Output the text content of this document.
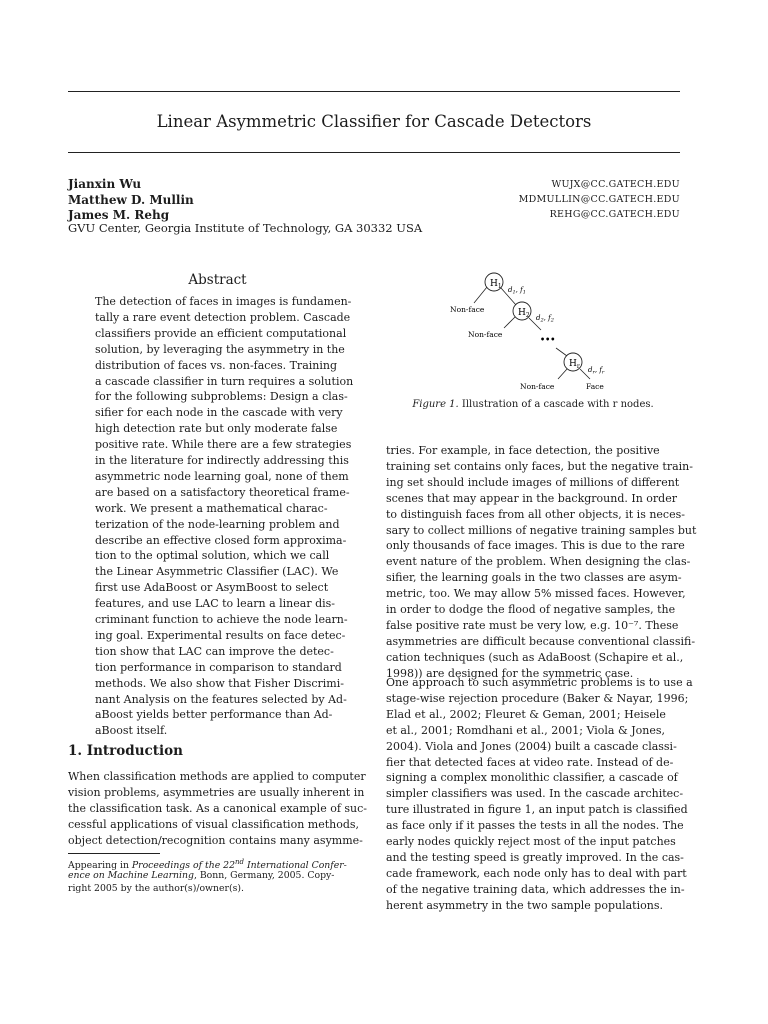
Linear Asymmetric Classifier for Cascade Detectors
Jianxin Wu
Matthew D. Mullin
James M. Rehg
WUJX@CC.GATECH.EDU
MDMULLIN@CC.GATECH.EDU
REHG@CC.GATECH.EDU
GVU Center, Georgia Institute of Technology, GA 30332 USA
Abstract
The detection of faces in images is fundamen-
tally a rare event detection problem. Cascade
classifiers provide an efficient computational
solution, by leveraging the asymmetry in the
distribution of faces vs. non-faces. Training
a cascade classifier in turn requires a solution
for the following subproblems: Design a clas-
sifier for each node in the cascade with very
high detection rate but only moderate false
positive rate. While there are a few strategies
in the literature for indirectly addressing this
asymmetric node learning goal, none of them
are based on a satisfactory theoretical frame-
work. We present a mathematical charac-
terization of the node-learning problem and
describe an effective closed form approxima-
tion to the optimal solution, which we call
the Linear Asymmetric Classifier (LAC). We
first use AdaBoost or AsymBoost to select
features, and use LAC to learn a linear dis-
criminant function to achieve the node learn-
ing goal. Experimental results on face detec-
tion show that LAC can improve the detec-
tion performance in comparison to standard
methods. We also show that Fisher Discrimi-
nant Analysis on the features selected by Ad-
aBoost yields better performance than Ad-
aBoost itself.
1. Introduction
When classification methods are applied to computer
vision problems, asymmetries are usually inherent in
the classification task. As a canonical example of suc-
cessful applications of visual classification methods,
object detection/recognition contains many asymme-
Appearing in Proceedings of the 22nd International Confer-
ence on Machine Learning, Bonn, Germany, 2005. Copy-
right 2005 by the author(s)/owner(s).
$H_1$ $d_1$, $f_1$
Non-face	$H_2$ $d_2$, $f_2$
Non-face	•••
$H_r$ $d_r$, $f_r$
Non-face	Face
Figure 1. Illustration of a cascade with r nodes.
tries. For example, in face detection, the positive
training set contains only faces, but the negative train-
ing set should include images of millions of different
scenes that may appear in the background. In order
to distinguish faces from all other objects, it is neces-
sary to collect millions of negative training samples but
only thousands of face images. This is due to the rare
event nature of the problem. When designing the clas-
sifier, the learning goals in the two classes are asym-
metric, too. We may allow 5% missed faces. However,
in order to dodge the flood of negative samples, the
false positive rate must be very low, e.g. 10⁻⁷. These
asymmetries are difficult because conventional classifi-
cation techniques (such as AdaBoost (Schapire et al.,
1998)) are designed for the symmetric case.
One approach to such asymmetric problems is to use a
stage-wise rejection procedure (Baker & Nayar, 1996;
Elad et al., 2002; Fleuret & Geman, 2001; Heisele
et al., 2001; Romdhani et al., 2001; Viola & Jones,
2004). Viola and Jones (2004) built a cascade classi-
fier that detected faces at video rate. Instead of de-
signing a complex monolithic classifier, a cascade of
simpler classifiers was used. In the cascade architec-
ture illustrated in figure 1, an input patch is classified
as face only if it passes the tests in all the nodes. The
early nodes quickly reject most of the input patches
and the testing speed is greatly improved. In the cas-
cade framework, each node only has to deal with part
of the negative training data, which addresses the in-
herent asymmetry in the two sample populations.
